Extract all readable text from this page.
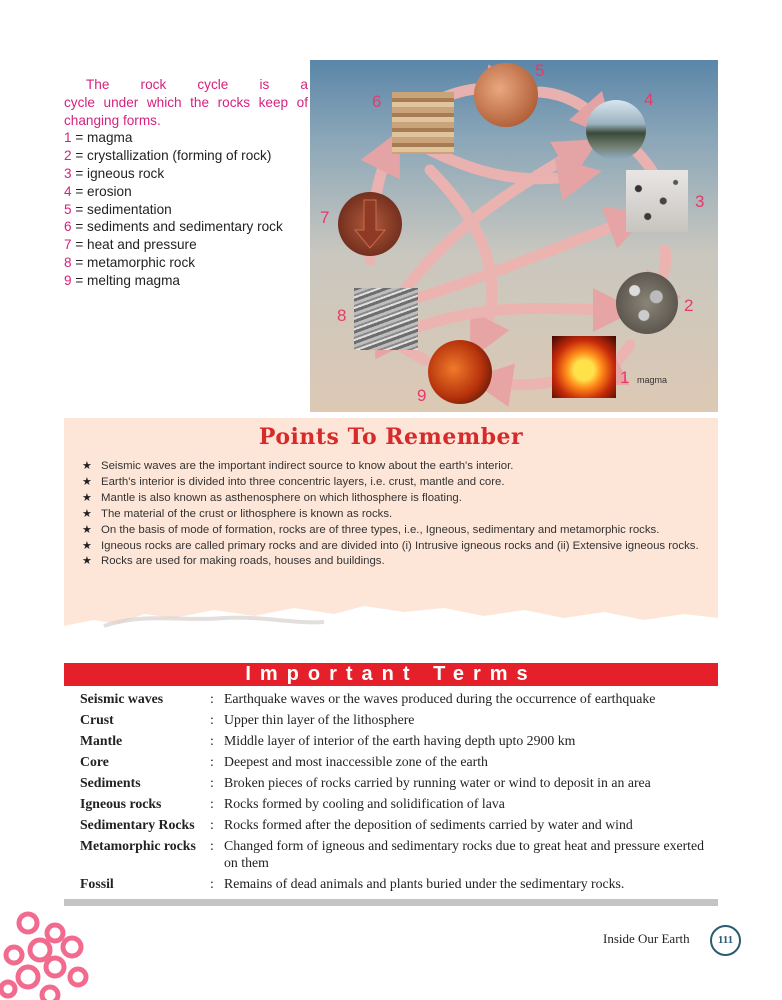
The rock cycle is a
cycle under which the rocks keep of changing forms.
1 = magma
2 = crystallization (forming of rock)
3 = igneous rock
4 = erosion
5 = sedimentation
6 = sediments and sedimentary rock
7 = heat and pressure
8 = metamorphic rock
9 = melting magma
1 magma
2
3
4
5
6
7
8
9
Points To Remember
★ Seismic waves are the important indirect source to know about the earth's interior.
★ Earth's interior is divided into three concentric layers, i.e. crust, mantle and core.
★ Mantle is also known as asthenosphere on which lithosphere is floating.
★ The material of the crust or lithosphere is known as rocks.
★ On the basis of mode of formation, rocks are of three types, i.e., Igneous, sedimentary and metamorphic rocks.
★ Igneous rocks are called primary rocks and are divided into (i) Intrusive igneous rocks and (ii) Extensive igneous rocks.
★ Rocks are used for making roads, houses and buildings.
Important Terms
Seismic waves	: Earthquake waves or the waves produced during the occurrence of earthquake
Crust	: Upper thin layer of the lithosphere
Mantle	: Middle layer of interior of the earth having depth upto 2900 km
Core	: Deepest and most inaccessible zone of the earth
Sediments	: Broken pieces of rocks carried by running water or wind to deposit in an area
Igneous rocks	: Rocks formed by cooling and solidification of lava
Sedimentary Rocks	: Rocks formed after the deposition of sediments carried by water and wind
Metamorphic rocks	: Changed form of igneous and sedimentary rocks due to great heat and pressure exerted on them
Fossil	: Remains of dead animals and plants buried under the sedimentary rocks.
Inside Our Earth	111
